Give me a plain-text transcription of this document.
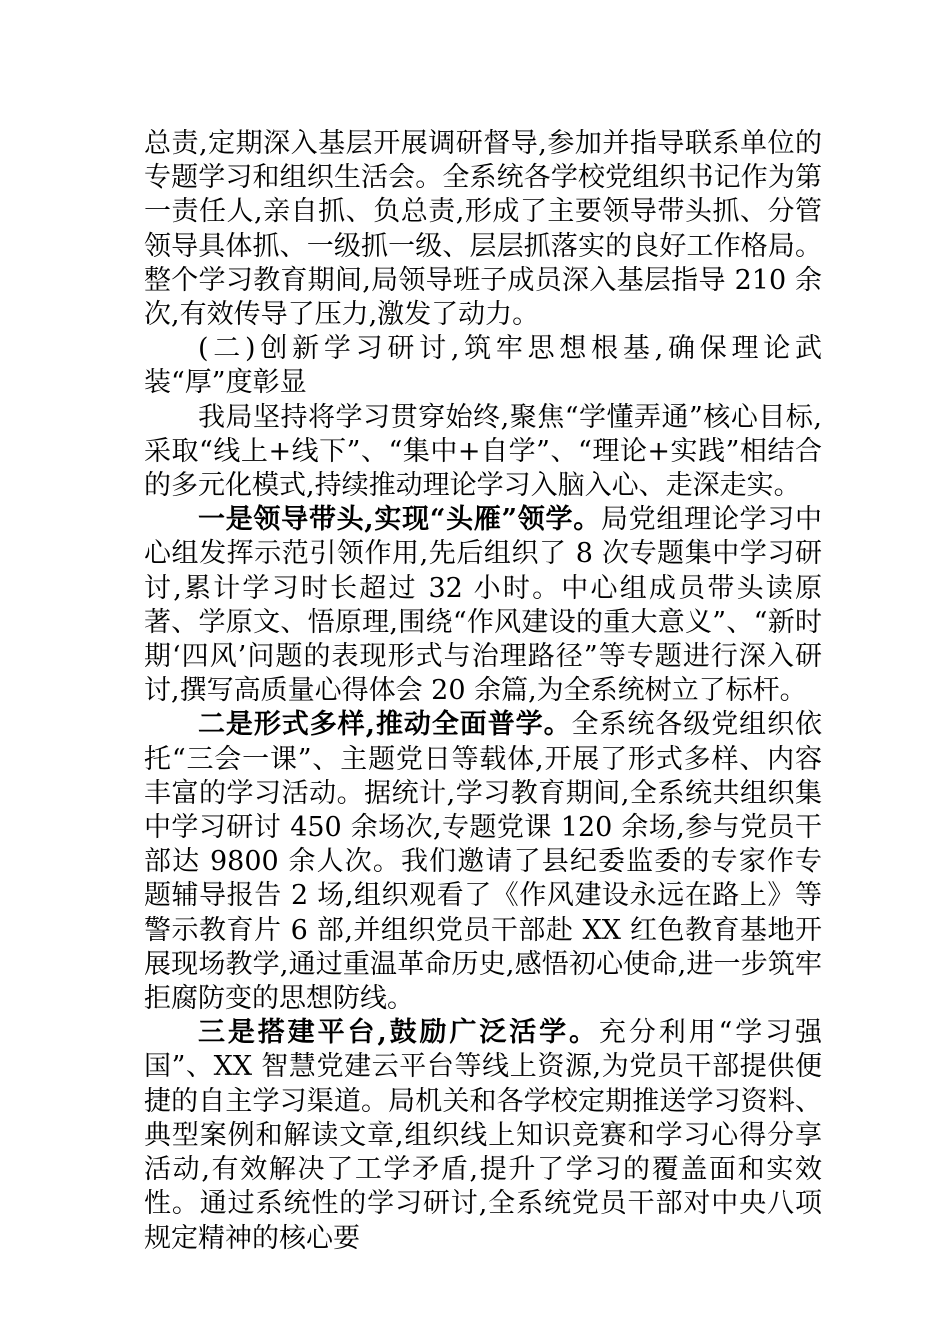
总责,定期深入基层开展调研督导,参加并指导联系单位的专题学习和组织生活会。全系统各学校党组织书记作为第一责任人,亲自抓、负总责,形成了主要领导带头抓、分管领导具体抓、一级抓一级、层层抓落实的良好工作格局。整个学习教育期间,局领导班子成员深入基层指导 210 余次,有效传导了压力,激发了动力。

(二)创新学习研讨,筑牢思想根基,确保理论武装“厚”度彰显

我局坚持将学习贯穿始终,聚焦“学懂弄通”核心目标,采取“线上+线下”、“集中+自学”、“理论+实践”相结合的多元化模式,持续推动理论学习入脑入心、走深走实。

一是领导带头,实现“头雁”领学。局党组理论学习中心组发挥示范引领作用,先后组织了 8 次专题集中学习研讨,累计学习时长超过 32 小时。中心组成员带头读原著、学原文、悟原理,围绕“作风建设的重大意义”、“新时期‘四风’问题的表现形式与治理路径”等专题进行深入研讨,撰写高质量心得体会 20 余篇,为全系统树立了标杆。

二是形式多样,推动全面普学。全系统各级党组织依托“三会一课”、主题党日等载体,开展了形式多样、内容丰富的学习活动。据统计,学习教育期间,全系统共组织集中学习研讨 450 余场次,专题党课 120 余场,参与党员干部达 9800 余人次。我们邀请了县纪委监委的专家作专题辅导报告 2 场,组织观看了《作风建设永远在路上》等警示教育片 6 部,并组织党员干部赴 XX 红色教育基地开展现场教学,通过重温革命历史,感悟初心使命,进一步筑牢拒腐防变的思想防线。

三是搭建平台,鼓励广泛活学。充分利用“学习强国”、XX 智慧党建云平台等线上资源,为党员干部提供便捷的自主学习渠道。局机关和各学校定期推送学习资料、典型案例和解读文章,组织线上知识竞赛和学习心得分享活动,有效解决了工学矛盾,提升了学习的覆盖面和实效性。通过系统性的学习研讨,全系统党员干部对中央八项规定精神的核心要
